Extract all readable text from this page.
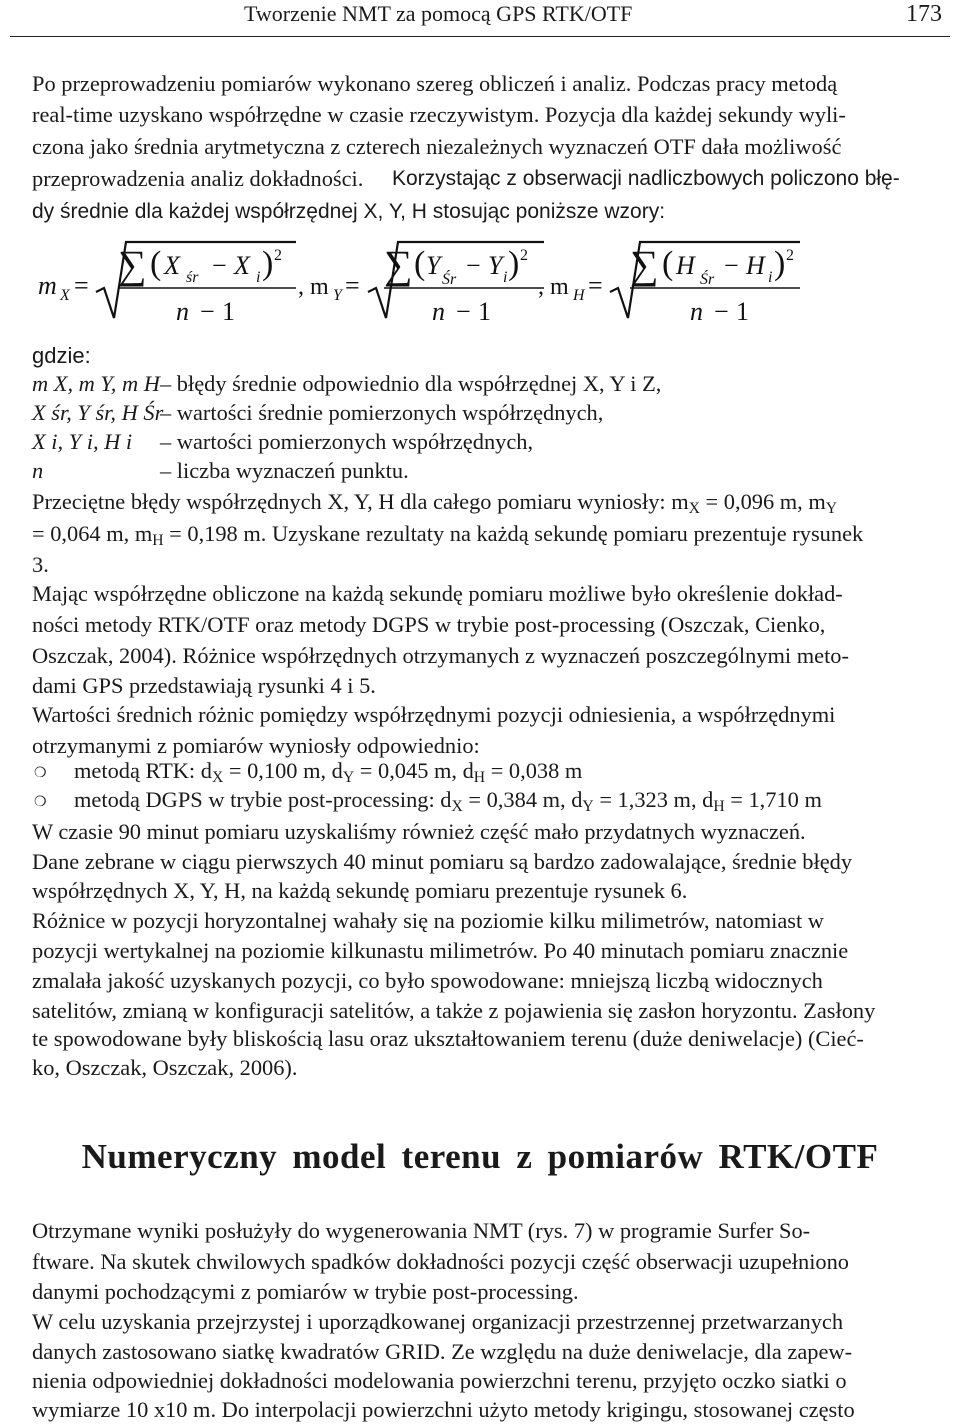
Tworzenie NMT za pomocą GPS RTK/OTF	173
Po przeprowadzeniu pomiarów wykonano szereg obliczeń i analiz. Podczas pracy metodą
real-time uzyskano współrzędne w czasie rzeczywistym. Pozycja dla każdej sekundy wyli-
czona jako średnia arytmetyczna z czterech niezależnych wyznaczeń OTF dała możliwość
przeprowadzenia analiz dokładności. Korzystając z obserwacji nadliczbowych policzono błę-
dy średnie dla każdej współrzędnej X, Y, H stosując poniższe wzory:
m X = ∑ ( X śr − X i ) 2
n − 1
, m Y = ∑ ( Y Śr − Y i ) 2
n − 1
, m H = ∑ ( H Śr − H i ) 2
n − 1
gdzie:
m X, m Y, m H – błędy średnie odpowiednio dla współrzędnej X, Y i Z,
X śr, Y śr, H Śr
– wartości średnie pomierzonych współrzędnych,
X i, Y i, H i	– wartości pomierzonych współrzędnych,
n	– liczba wyznaczeń punktu.
Przeciętne błędy współrzędnych X, Y, H dla całego pomiaru wyniosły: $m_X = 0,096$ m, $m_Y$
= 0,064 m, $m_H = 0,198$ m. Uzyskane rezultaty na każdą sekundę pomiaru prezentuje rysunek
3.
Mając współrzędne obliczone na każdą sekundę pomiaru możliwe było określenie dokład-
ności metody RTK/OTF oraz metody DGPS w trybie post-processing (Oszczak, Cienko,
Oszczak, 2004). Różnice współrzędnych otrzymanych z wyznaczeń poszczególnymi meto-
dami GPS przedstawiają rysunki 4 i 5.
Wartości średnich różnic pomiędzy współrzędnymi pozycji odniesienia, a współrzędnymi
otrzymanymi z pomiarów wyniosły odpowiednio:
❍ metodą RTK: $d_X = 0,100$ m, $d_Y = 0,045$ m, $d_H = 0,038$ m
❍ metodą DGPS w trybie post-processing: $d_X = 0,384$ m, $d_Y = 1,323$ m, $d_H = 1,710$ m
W czasie 90 minut pomiaru uzyskaliśmy również część mało przydatnych wyznaczeń.
Dane zebrane w ciągu pierwszych 40 minut pomiaru są bardzo zadowalające, średnie błędy
współrzędnych X, Y, H, na każdą sekundę pomiaru prezentuje rysunek 6.
Różnice w pozycji horyzontalnej wahały się na poziomie kilku milimetrów, natomiast w
pozycji wertykalnej na poziomie kilkunastu milimetrów. Po 40 minutach pomiaru znacznie
zmalała jakość uzyskanych pozycji, co było spowodowane: mniejszą liczbą widocznych
satelitów, zmianą w konfiguracji satelitów, a także z pojawienia się zasłon horyzontu. Zasłony
te spowodowane były bliskością lasu oraz ukształtowaniem terenu (duże deniwelacje) (Cieć-
ko, Oszczak, Oszczak, 2006).
Numeryczny model terenu z pomiarów RTK/OTF
Otrzymane wyniki posłużyły do wygenerowania NMT (rys. 7) w programie Surfer So-
ftware. Na skutek chwilowych spadków dokładności pozycji część obserwacji uzupełniono
danymi pochodzącymi z pomiarów w trybie post-processing.
W celu uzyskania przejrzystej i uporządkowanej organizacji przestrzennej przetwarzanych
danych zastosowano siatkę kwadratów GRID. Ze względu na duże deniwelacje, dla zapew-
nienia odpowiedniej dokładności modelowania powierzchni terenu, przyjęto oczko siatki o
wymiarze 10 x10 m. Do interpolacji powierzchni użyto metody krigingu, stosowanej często
